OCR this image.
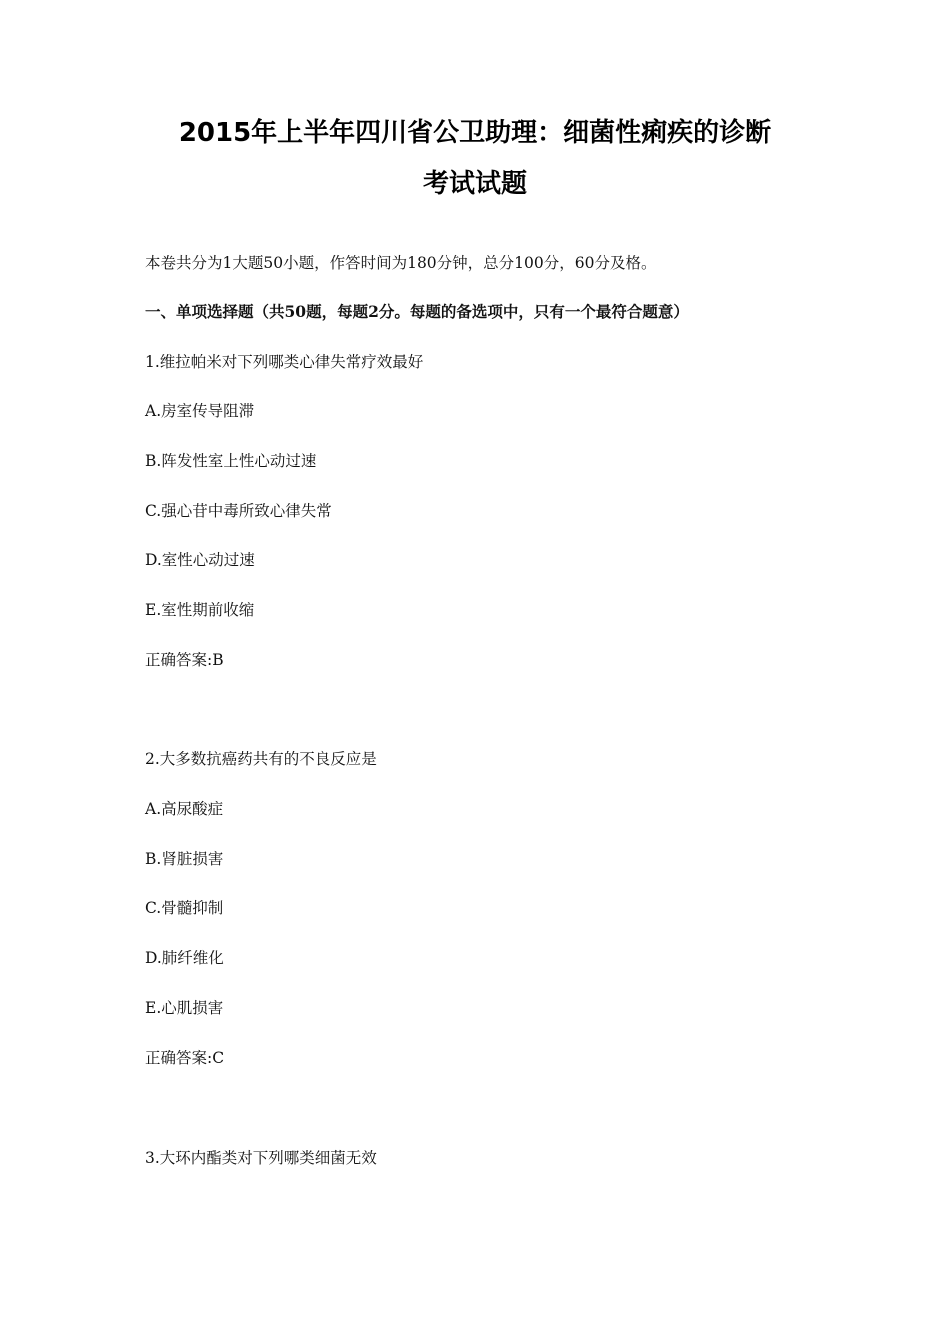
2015年上半年四川省公卫助理：细菌性痢疾的诊断
考试试题
本卷共分为1大题50小题，作答时间为180分钟，总分100分，60分及格。
一、单项选择题（共50题，每题2分。每题的备选项中，只有一个最符合题意）
1.维拉帕米对下列哪类心律失常疗效最好
A.房室传导阻滞
B.阵发性室上性心动过速
C.强心苷中毒所致心律失常
D.室性心动过速
E.室性期前收缩
正确答案:B
2.大多数抗癌药共有的不良反应是
A.高尿酸症
B.肾脏损害
C.骨髓抑制
D.肺纤维化
E.心肌损害
正确答案:C
3.大环内酯类对下列哪类细菌无效
